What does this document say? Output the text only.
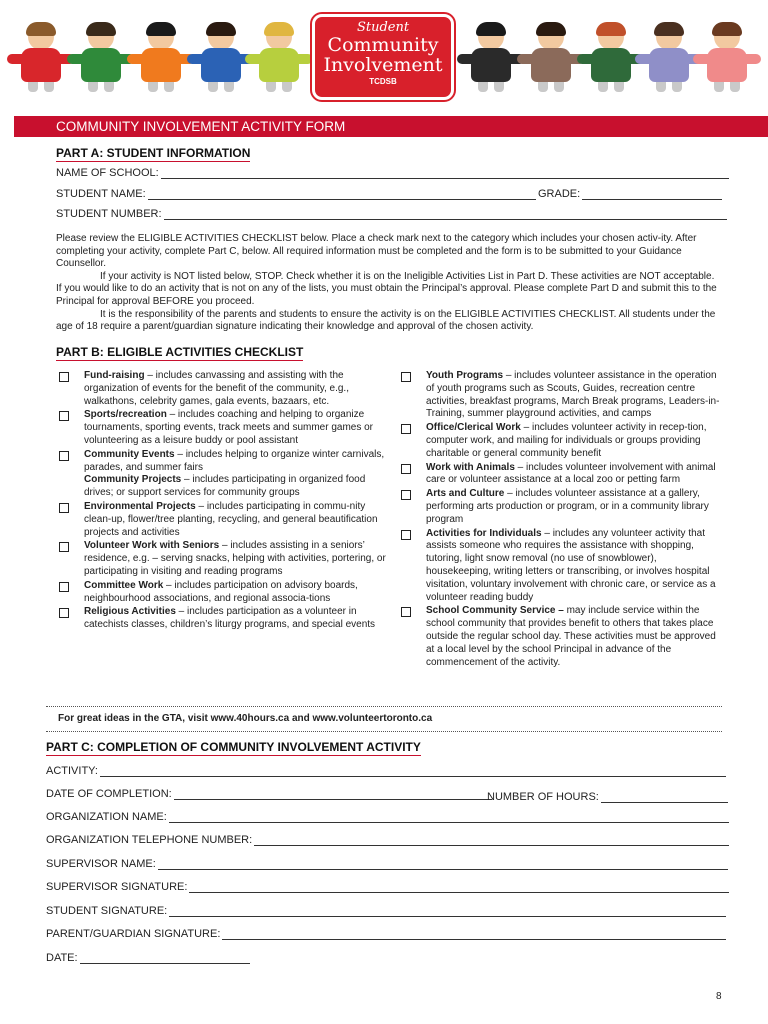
Student
Community
Involvement
TCDSB
COMMUNITY INVOLVEMENT ACTIVITY FORM
PART A: STUDENT INFORMATION
NAME OF SCHOOL:
STUDENT NAME:	GRADE:
STUDENT NUMBER:
Please review the ELIGIBLE ACTIVITIES CHECKLIST below. Place a check mark next to the category which includes your chosen activ-ity. After completing your activity, complete Part C, below. All required information must be completed and the form is to be submitted to your Guidance Counsellor.
If your activity is NOT listed below, STOP. Check whether it is on the Ineligible Activities List in Part D. These activities are NOT acceptable. If you would like to do an activity that is not on any of the lists, you must obtain the Principal’s approval. Please complete Part D and submit this to the Principal for approval BEFORE you proceed.
It is the responsibility of the parents and students to ensure the activity is on the ELIGIBLE ACTIVITIES CHECKLIST. All students under the age of 18 require a parent/guardian signature indicating their knowledge and approval of the chosen activity.
PART B: ELIGIBLE ACTIVITIES CHECKLIST
Fund-raising – includes canvassing and assisting with the organization of events for the benefit of the community, e.g., walkathons, celebrity games, gala events, bazaars, etc.
Sports/recreation – includes coaching and helping to organize tournaments, sporting events, track meets and summer games or volunteering as a leisure buddy or pool assistant
Community Events – includes helping to organize winter carnivals, parades, and summer fairs
Community Projects – includes participating in organized food drives; or support services for community groups
Environmental Projects – includes participating in commu-nity clean-up, flower/tree planting, recycling, and general beautification projects and activities
Volunteer Work with Seniors – includes assisting in a seniors’ residence, e.g. – serving snacks, helping with activities, portering, or participating in visiting and reading programs
Committee Work – includes participation on advisory boards, neighbourhood associations, and regional associa-tions
Religious Activities – includes participation as a volunteer in catechists classes, children’s liturgy programs, and special events
Youth Programs – includes volunteer assistance in the operation of youth programs such as Scouts, Guides, recreation centre activities, breakfast programs, March Break programs, Leaders-in-Training, summer playground activities, and camps
Office/Clerical Work – includes volunteer activity in recep-tion, computer work, and mailing for individuals or groups providing charitable or general community benefit
Work with Animals – includes volunteer involvement with animal care or volunteer assistance at a local zoo or petting farm
Arts and Culture – includes volunteer assistance at a gallery, performing arts production or program, or in a community library program
Activities for Individuals – includes any volunteer activity that assists someone who requires the assistance with shopping, tutoring, light snow removal (no use of snowblower), housekeeping, writing letters or transcribing, or involves hospital visitation, voluntary involvement with chronic care, or service as a volunteer reading buddy
School Community Service – may include service within the school community that provides benefit to others that takes place outside the regular school day. These activities must be approved at a local level by the school Principal in advance of the commencement of the activity.
For great ideas in the GTA, visit www.40hours.ca and www.volunteertoronto.ca
PART C: COMPLETION OF COMMUNITY INVOLVEMENT ACTIVITY
ACTIVITY:
DATE OF COMPLETION:	NUMBER OF HOURS:
ORGANIZATION NAME:
ORGANIZATION TELEPHONE NUMBER:
SUPERVISOR NAME:
SUPERVISOR SIGNATURE:
STUDENT SIGNATURE:
PARENT/GUARDIAN SIGNATURE:
DATE:
8
